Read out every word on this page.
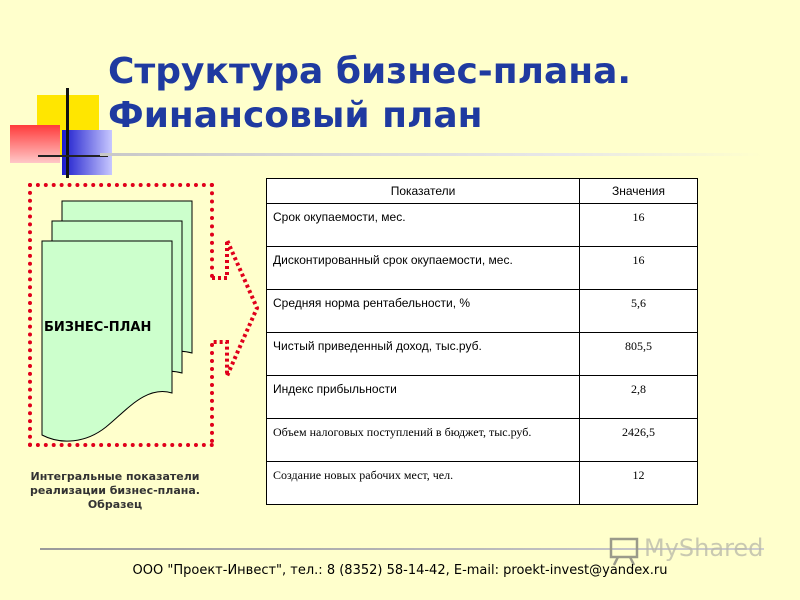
Структура бизнес-плана.
Финансовый план
БИЗНЕС-ПЛАН
Интегральные показатели
реализации бизнес-плана.
Образец
Показатели	Значения
Срок окупаемости, мес.	16
Дисконтированный срок окупаемости, мес.	16
Средняя норма рентабельности, %	5,6
Чистый приведенный доход, тыс.руб.	805,5
Индекс прибыльности	2,8
Объем налоговых поступлений в бюджет, тыс.руб.	2426,5
Создание новых рабочих мест, чел.	12
MyShared
ООО "Проект-Инвест", тел.: 8 (8352) 58-14-42, E-mail: proekt-invest@yandex.ru
